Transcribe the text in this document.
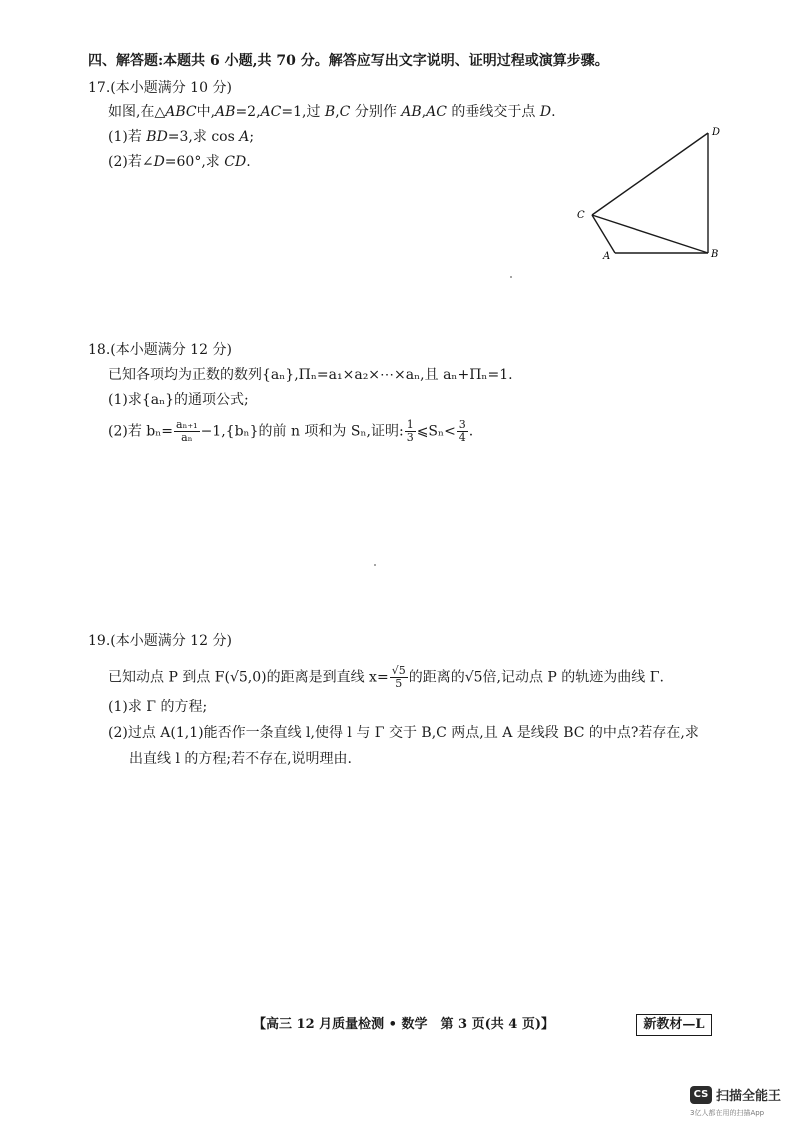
四、解答题:本题共 6 小题,共 70 分。解答应写出文字说明、证明过程或演算步骤。
17.(本小题满分 10 分)
如图,在△ABC中,AB=2,AC=1,过 B,C 分别作 AB,AC 的垂线交于点 D.
(1)若 BD=3,求 cos A;
(2)若∠D=60°,求 CD.
D
C
A	B
18.(本小题满分 12 分)
已知各项均为正数的数列{aₙ},Πₙ=a₁×a₂×⋯×aₙ,且 aₙ+Πₙ=1.
(1)求{aₙ}的通项公式;
(2)若 $b_n= \frac{\text{aₙ₊₁}}{\text{aₙ}} -1,\{b_n\}$的前 n 项和为 Sₙ,证明: $\frac{1}{3}$ ⩽Sₙ< $\frac{3}{4}$ .
19.(本小题满分 12 分)
已知动点 P 到点 F(√5,0)的距离是到直线 $x= \frac{√5}{5}$ 的距离的√5倍,记动点 P 的轨迹为曲线 Γ.
(1)求 Γ 的方程;
(2)过点 A(1,1)能否作一条直线 l,使得 l 与 Γ 交于 B,C 两点,且 A 是线段 BC 的中点?若存在,求
出直线 l 的方程;若不存在,说明理由.
【高三 12 月质量检测 • 数学　第 3 页(共 4 页)】	新教材—L
CS 扫描全能王
3亿人都在用的扫描App
